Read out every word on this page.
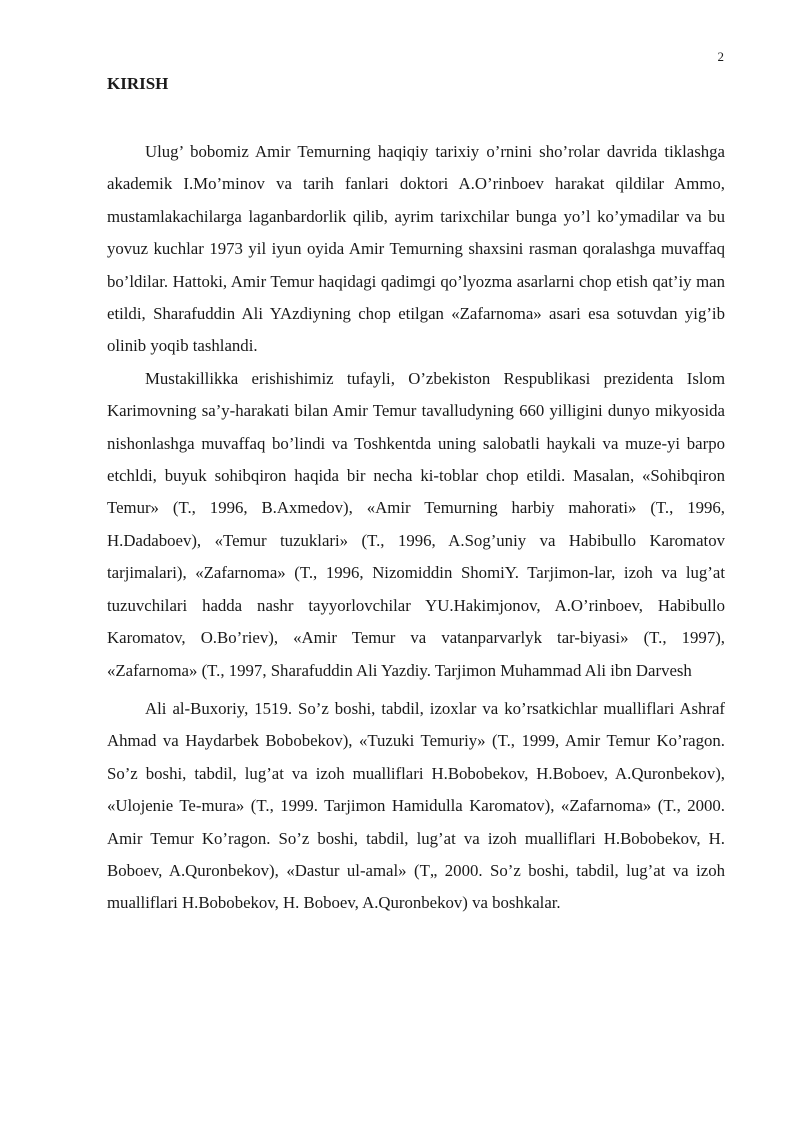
2
KIRISH

Ulug’ bobomiz Amir Temurning haqiqiy tarixiy o’rnini sho’rolar davrida tiklashga akademik I.Mo’minov va tarih fanlari doktori A.O’rinboev harakat qildilar Ammo, mustamlakachilarga laganbardorlik qilib, ayrim tarixchilar bunga yo’l ko’ymadilar va bu yovuz kuchlar 1973 yil iyun oyida Amir Temurning shaxsini rasman qoralashga muvaffaq bo’ldilar. Hattoki, Amir Temur haqidagi qadimgi qo’lyozma asarlarni chop etish qat’iy man etildi, Sharafuddin Ali YAzdiyning chop etilgan «Zafarnoma» asari esa sotuvdan yig’ib olinib yoqib tashlandi.

Mustakillikka erishishimiz tufayli, O’zbekiston Respublikasi prezidenta Islom Karimovning sa’y-harakati bilan Amir Temur tavalludyning 660 yilligini dunyo mikyosida nishonlashga muvaffaq bo’lindi va Toshkentda uning salobatli haykali va muze-yi barpo etchldi, buyuk sohibqiron haqida bir necha ki-toblar chop etildi. Masalan, «Sohibqiron Temur» (T., 1996, B.Axmedov), «Amir Temurning harbiy mahorati» (T., 1996, H.Dadaboev), «Temur tuzuklari» (T., 1996, A.Sog’uniy va Habibullo Karomatov tarjimalari), «Zafarnoma» (T., 1996, Nizomiddin ShomiY. Tarjimon-lar, izoh va lug’at tuzuvchilari hadda nashr tayyorlovchilar YU.Hakimjonov, A.O’rinboev, Habibullo Karomatov, O.Bo’riev), «Amir Temur va vatanparvarlyk tar-biyasi» (T., 1997), «Zafarnoma» (T., 1997, Sharafuddin Ali Yazdiy. Tarjimon Muhammad Ali ibn Darvesh

Ali al-Buxoriy, 1519. So’z boshi, tabdil, izoxlar va ko’rsatkichlar mualliflari Ashraf Ahmad va Haydarbek Bobobekov), «Tuzuki Temuriy» (T., 1999, Amir Temur Ko’ragon. So’z boshi, tabdil, lug’at va izoh mualliflari H.Bobobekov, H.Boboev, A.Quronbekov), «Ulojenie Te-mura» (T., 1999. Tarjimon Hamidulla Karomatov), «Zafarnoma» (T., 2000. Amir Temur Ko’ragon. So’z boshi, tabdil, lug’at va izoh mualliflari H.Bobobekov, H. Boboev, A.Quronbekov), «Dastur ul-amal» (T„ 2000. So’z boshi, tabdil, lug’at va izoh mualliflari H.Bobobekov, H. Boboev, A.Quronbekov) va boshkalar.
